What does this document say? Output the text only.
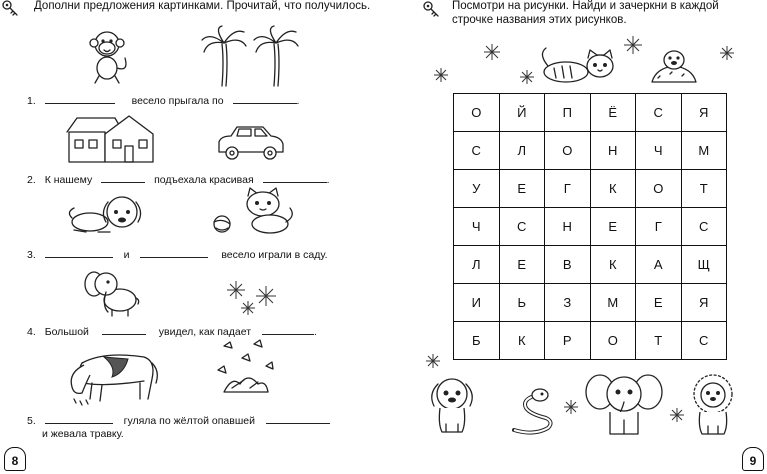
Дополни предложения картинками. Прочитай, что получилось.
1.	весело прыгала по	.
2. К нашему	подъехала красивая	.
3.	и	весело играли в саду.
4. Большой	увидел, как падает	.
5.	гуляла по жёлтой опавшей
и жевала травку.
8
Посмотри на рисунки. Найди и зачеркни в каждой строчке названия этих рисунков.
О	Й	П	Ё	С	Я
С	Л	О	Н	Ч	М
У	Е	Г	К	О	Т
Ч	С	Н	Е	Г	С
Л	Е	В	К	А	Щ
И	Ь	З	М	Е	Я
Б	К	Р	О	Т	С
9
